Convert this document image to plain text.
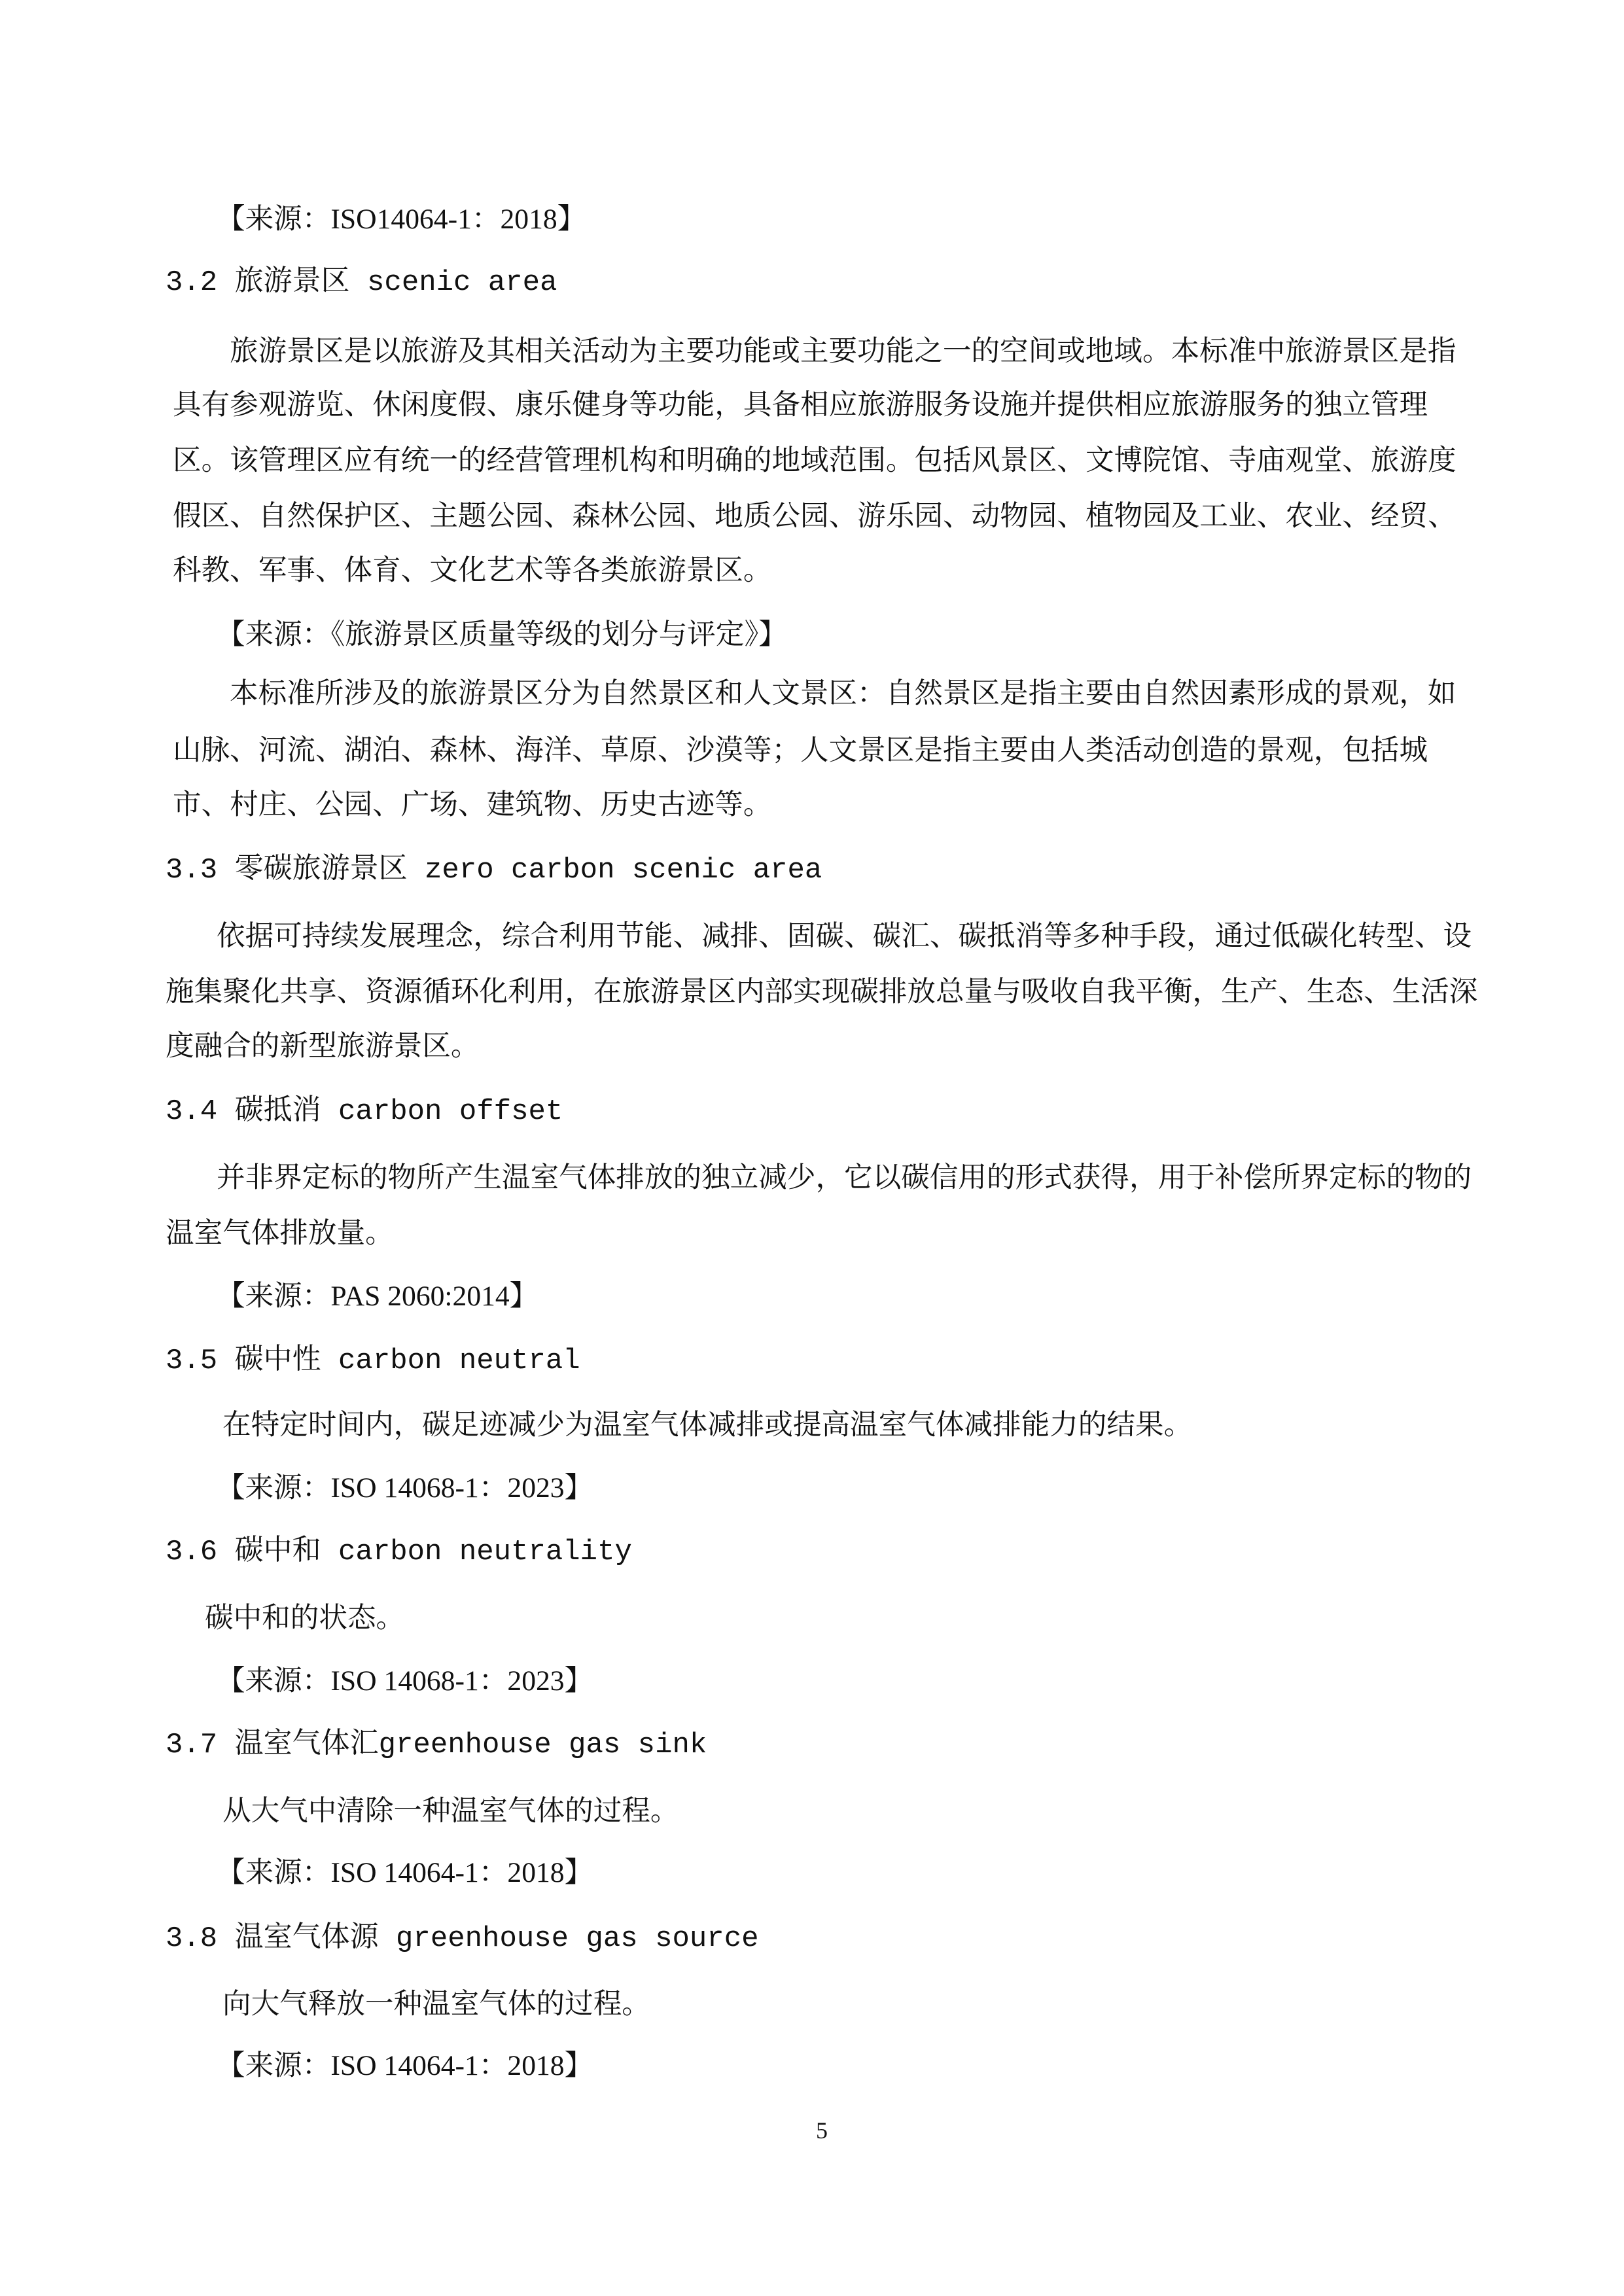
【来源：ISO14064-1：2018】
3.2 旅游景区 scenic area
旅游景区是以旅游及其相关活动为主要功能或主要功能之一的空间或地域。本标准中旅游景区是指
具有参观游览、休闲度假、康乐健身等功能，具备相应旅游服务设施并提供相应旅游服务的独立管理
区。该管理区应有统一的经营管理机构和明确的地域范围。包括风景区、文博院馆、寺庙观堂、旅游度
假区、自然保护区、主题公园、森林公园、地质公园、游乐园、动物园、植物园及工业、农业、经贸、
科教、军事、体育、文化艺术等各类旅游景区。
【来源：《旅游景区质量等级的划分与评定》】
本标准所涉及的旅游景区分为自然景区和人文景区：自然景区是指主要由自然因素形成的景观，如
山脉、河流、湖泊、森林、海洋、草原、沙漠等；人文景区是指主要由人类活动创造的景观，包括城
市、村庄、公园、广场、建筑物、历史古迹等。
3.3 零碳旅游景区 zero carbon scenic area
依据可持续发展理念，综合利用节能、减排、固碳、碳汇、碳抵消等多种手段，通过低碳化转型、设
施集聚化共享、资源循环化利用，在旅游景区内部实现碳排放总量与吸收自我平衡，生产、生态、生活深
度融合的新型旅游景区。
3.4 碳抵消 carbon offset
并非界定标的物所产生温室气体排放的独立减少，它以碳信用的形式获得，用于补偿所界定标的物的
温室气体排放量。
【来源：PAS 2060:2014】
3.5 碳中性 carbon neutral
在特定时间内，碳足迹减少为温室气体减排或提高温室气体减排能力的结果。
【来源：ISO 14068-1：2023】
3.6 碳中和 carbon neutrality
碳中和的状态。
【来源：ISO 14068-1：2023】
3.7 温室气体汇greenhouse gas sink
从大气中清除一种温室气体的过程。
【来源：ISO 14064-1：2018】
3.8 温室气体源 greenhouse gas source
向大气释放一种温室气体的过程。
【来源：ISO 14064-1：2018】
5
